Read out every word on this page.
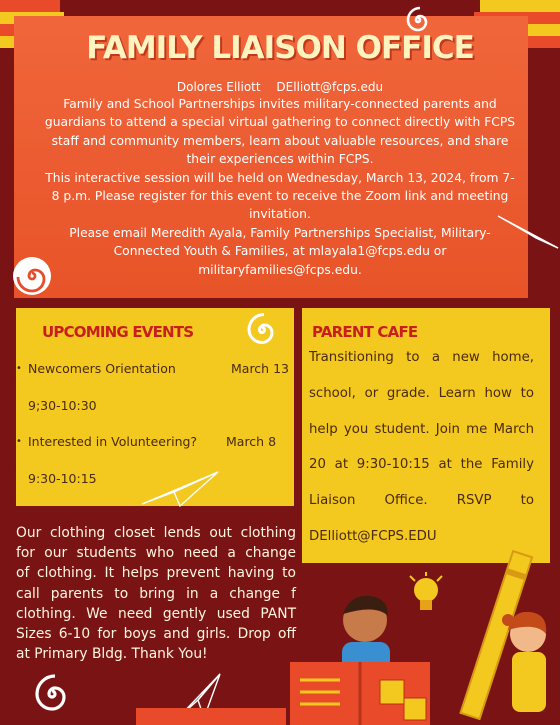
FAMILY LIAISON OFFICE
Dolores Elliott DElliott@fcps.edu

Family and School Partnerships invites military-connected parents and guardians to attend a special virtual gathering to connect directly with FCPS staff and community members, learn about valuable resources, and share their experiences within FCPS.

This interactive session will be held on Wednesday, March 13, 2024, from 7-8 p.m. Please register for this event to receive the Zoom link and meeting invitation.

Please email Meredith Ayala, Family Partnerships Specialist, Military-Connected Youth & Families, at mlayala1@fcps.edu or militaryfamilies@fcps.edu.

UPCOMING EVENTS
• Newcomers Orientation	March 13
9;30-10:30
• Interested in Volunteering? March 8
9:30-10:15
PARENT CAFE
Transitioning to a new home, school, or grade. Learn how to help you student. Join me March 20 at 9:30-10:15 at the Family Liaison Office. RSVP to DElliott@FCPS.EDU
Our clothing closet lends out clothing
for our students who need a change
of clothing. It helps prevent having to
call parents to bring in a change f
clothing. We need gently used PANT
Sizes 6-10 for boys and girls. Drop off
at Primary Bldg. Thank You!
